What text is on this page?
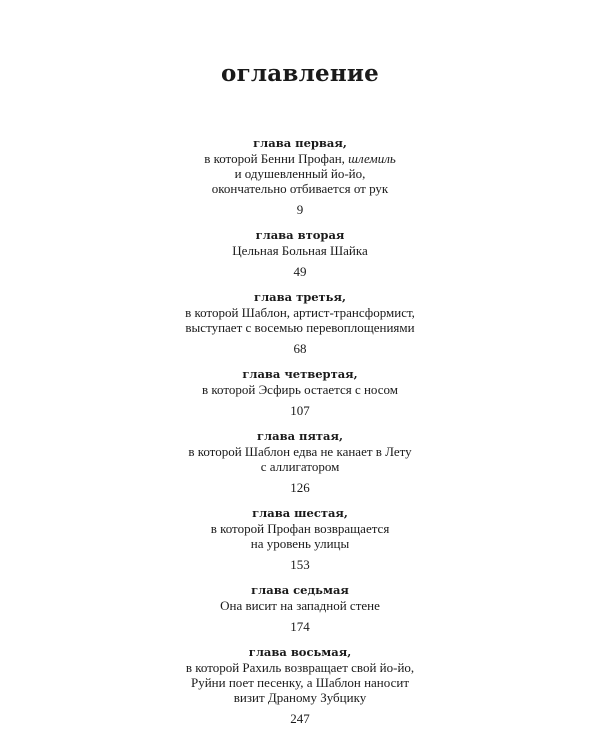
оглавление
глава первая,
в которой Бенни Профан, шлемиль
и одушевленный йо-йо,
окончательно отбивается от рук
9
глава вторая
Цельная Больная Шайка
49
глава третья,
в которой Шаблон, артист-трансформист,
выступает с восемью перевоплощениями
68
глава четвертая,
в которой Эсфирь остается с носом
107
глава пятая,
в которой Шаблон едва не канает в Лету
с аллигатором
126
глава шестая,
в которой Профан возвращается
на уровень улицы
153
глава седьмая
Она висит на западной стене
174
глава восьмая,
в которой Рахиль возвращает свой йо-йо,
Руйни поет песенку, а Шаблон наносит
визит Драному Зубцику
247
